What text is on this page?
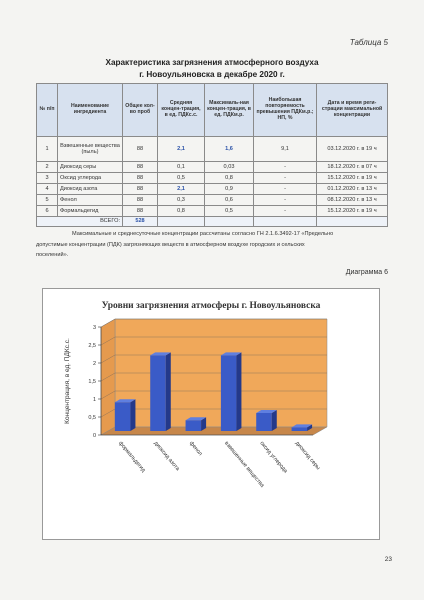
Таблица 5
Характеристика загрязнения атмосферного воздуха
г. Новоульяновска в декабре 2020 г.
№ п/п	Наименование ингредиента	Общее кол-во проб	Средняя концен-трация, в ед. ПДКс.с.	Максималь-ная концен-трация, в ед. ПДКм.р.	Наибольшая повторяемость превышения ПДКм.р.; НП, %	Дата и время реги-страции максимальной концентрации
1	Взвешенные вещества (пыль)	88	2,1	1,6	9,1	03.12.2020 г. в 19 ч
2	Диоксид серы	88	0,1	0,03	-	18.12.2020 г. в 07 ч
3	Оксид углерода	88	0,5	0,8	-	15.12.2020 г. в 19 ч
4	Диоксид азота	88	2,1	0,9	-	01.12.2020 г. в 13 ч
5	Фенол	88	0,3	0,6	-	08.12.2020 г. в 13 ч
6	Формальдегид	88	0,8	0,5	-	15.12.2020 г. в 19 ч
ВСЕГО:		528				
Максимальные и среднесуточные концентрации рассчитаны согласно ГН 2.1.6.3492-17 «Предельно
допустимые концентрации (ПДК) загрязняющих веществ в атмосферном воздухе городских и сельских
поселений».
Диаграмма 6
Уровни загрязнения атмосферы г. Новоульяновска
0
0,5
1
1,5
2
2,5
3
Концентрация, в ед. ПДКс.с.
формальдегид диоксид азота фенол	взвешенные вещества
оксид углерода диоксид серы
23
